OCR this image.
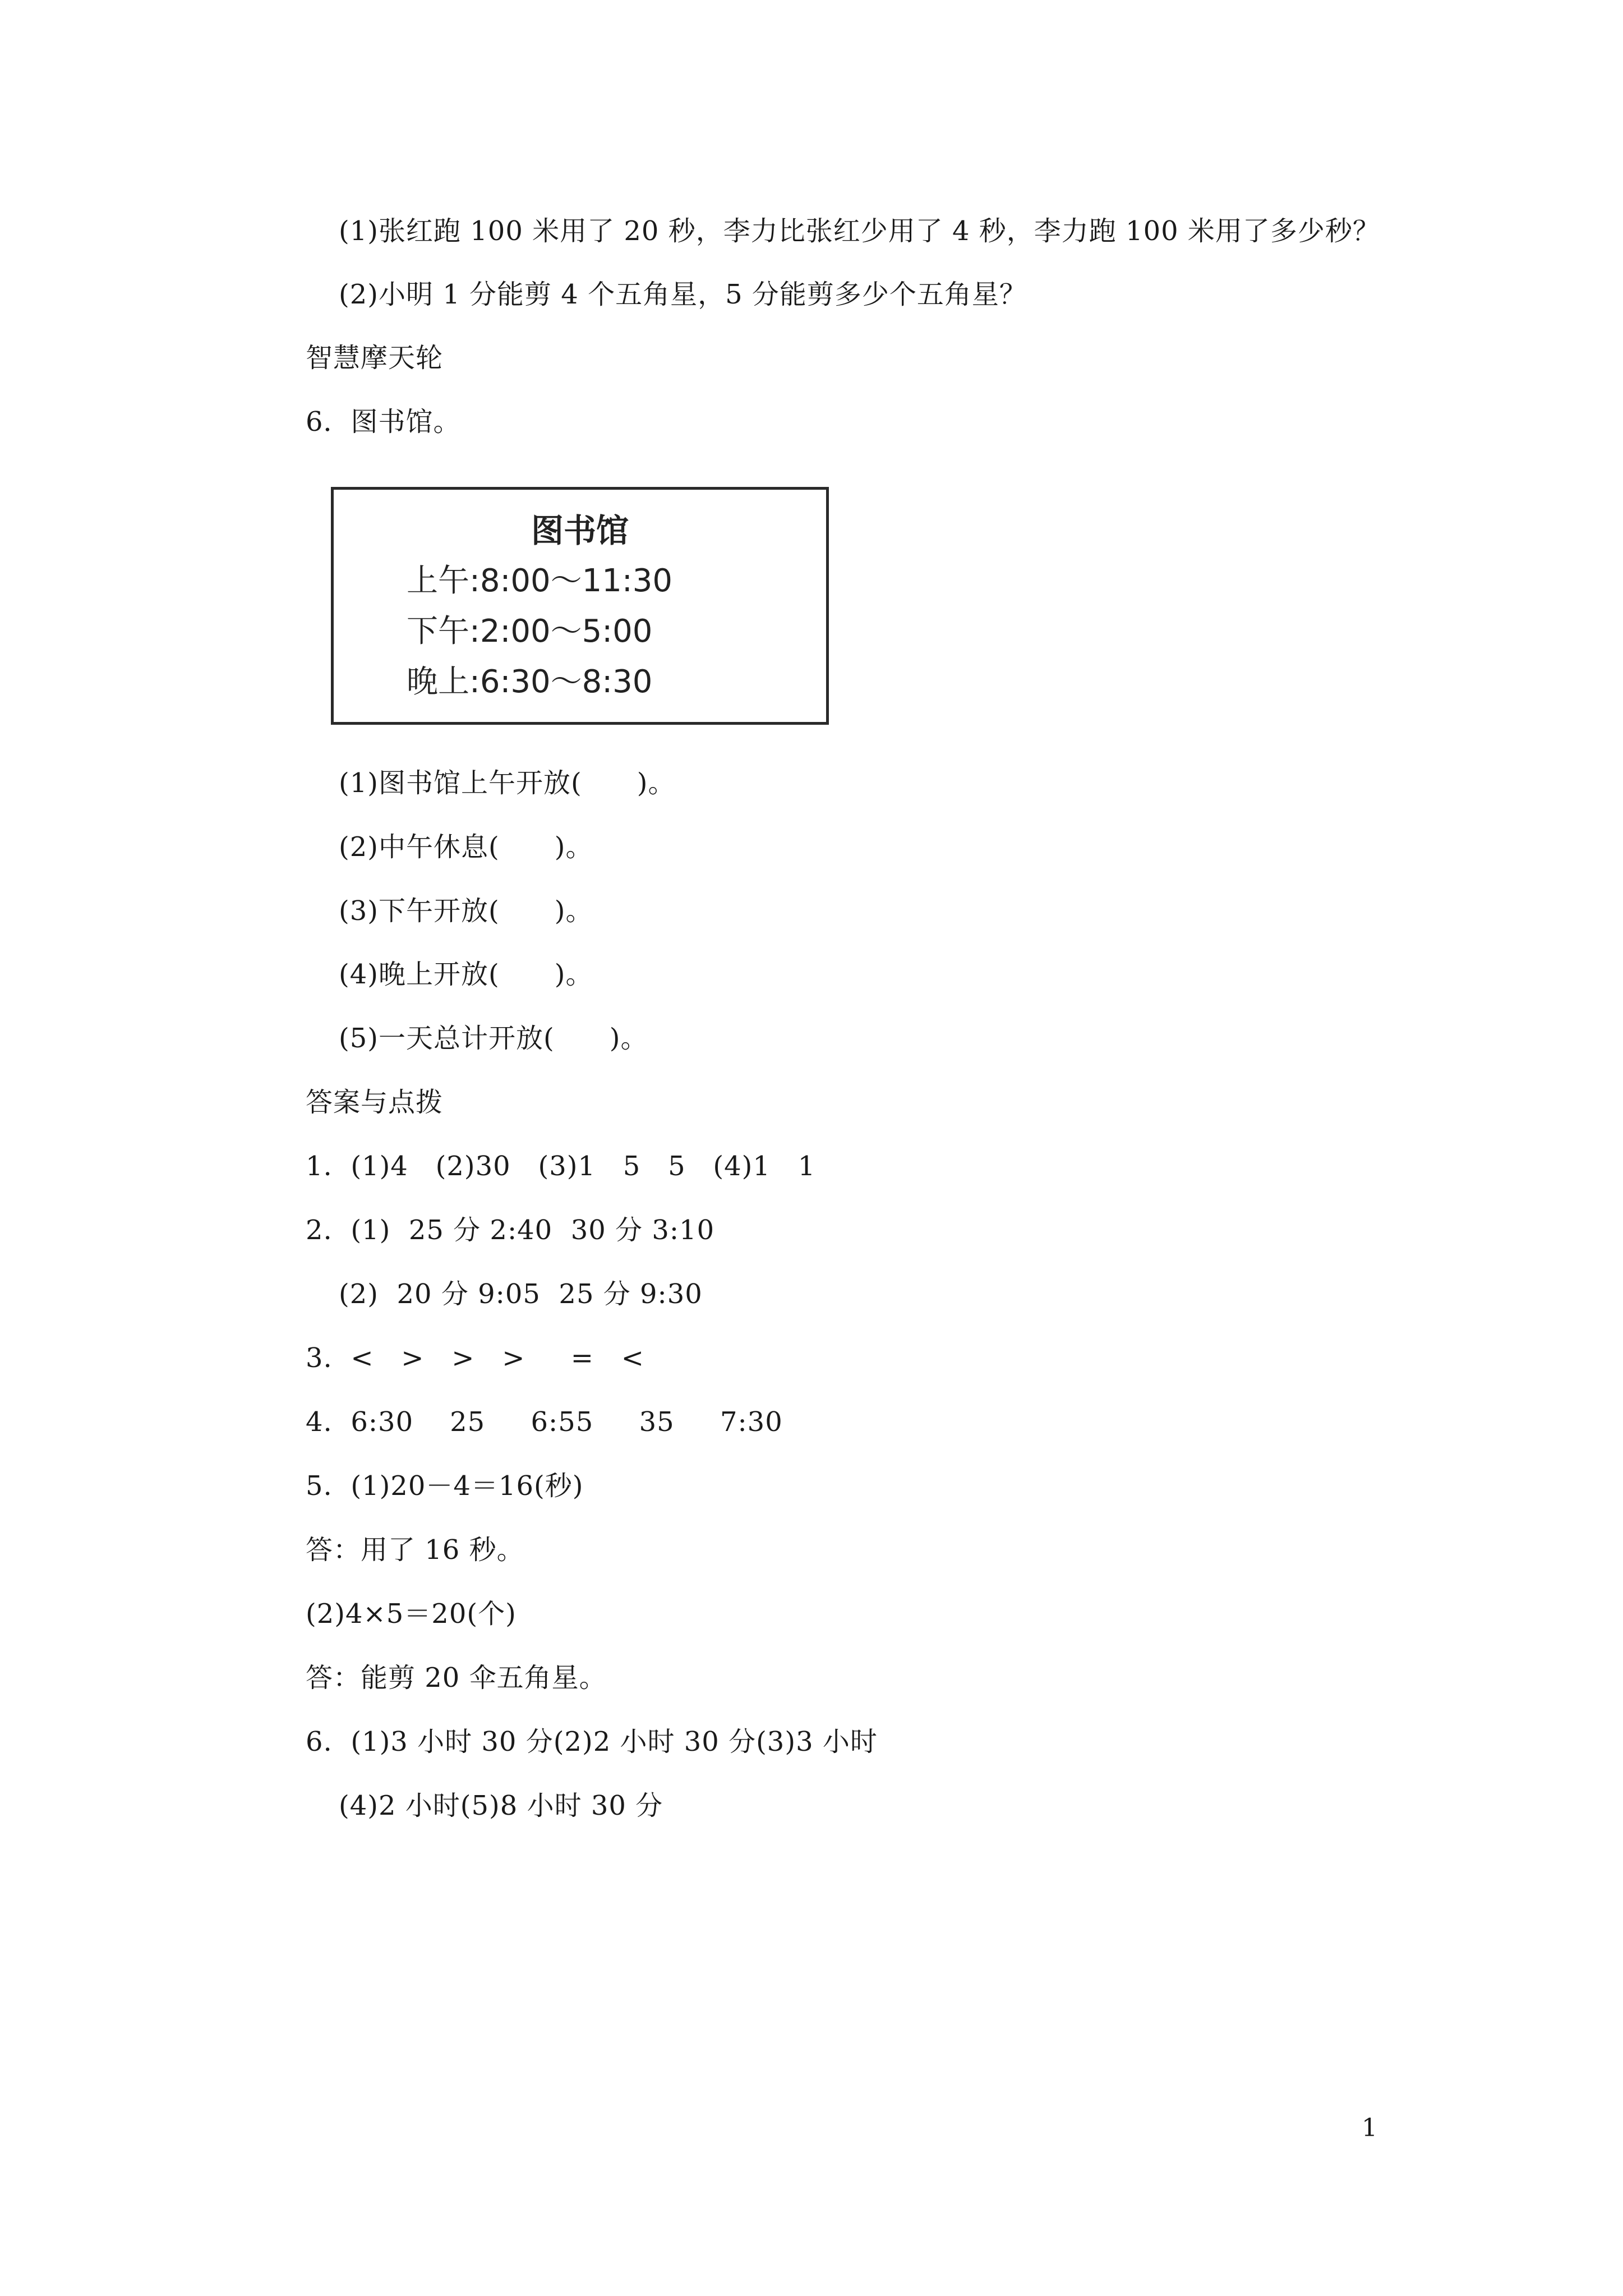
(1)张红跑 100 米用了 20 秒，李力比张红少用了 4 秒，李力跑 100 米用了多少秒？
(2)小明 1 分能剪 4 个五角星，5 分能剪多少个五角星？
智慧摩天轮
6．图书馆。
图书馆
上午:8:00～11:30
下午:2:00～5:00
晚上:6:30～8:30
(1)图书馆上午开放(　　)。
(2)中午休息(　　)。
(3)下午开放(　　)。
(4)晚上开放(　　)。
(5)一天总计开放(　　)。
答案与点拨
1.  (1)4   (2)30   (3)1   5   5   (4)1   1
2.  (1)  25 分 2:40  30 分 3:10
(2)  20 分 9:05  25 分 9:30
3.  <   >   >   >     =   <
4.  6:30    25     6:55     35     7:30
5.  (1)20－4＝16(秒)
答：用了 16 秒。
(2)4×5＝20(个)
答：能剪 20 伞五角星。
6.  (1)3 小时 30 分(2)2 小时 30 分(3)3 小时
(4)2 小时(5)8 小时 30 分
1
